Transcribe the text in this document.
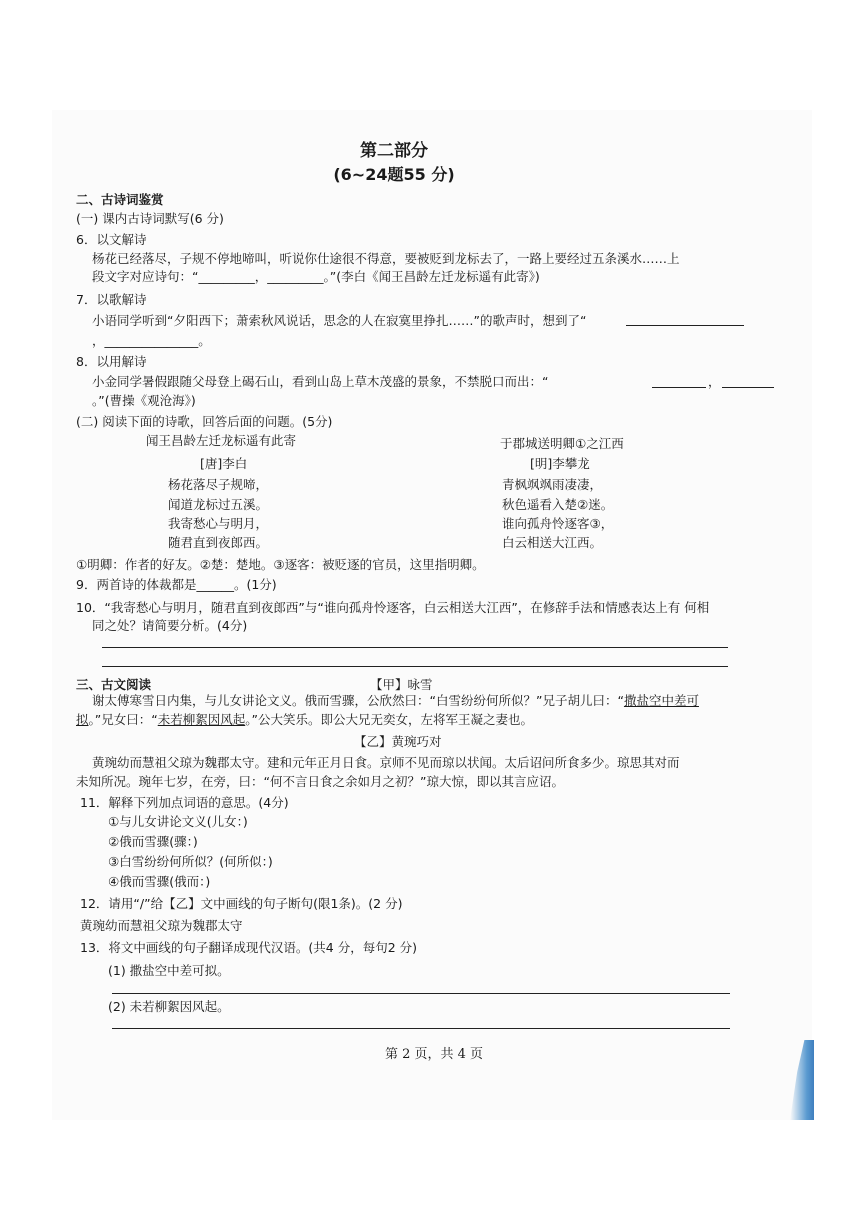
第二部分
(6~24题55 分)
二、古诗词鉴赏
(一) 课内古诗词默写(6 分)
6．以文解诗
杨花已经落尽，子规不停地啼叫，听说你仕途很不得意，要被贬到龙标去了，一路上要经过五条溪水……上
段文字对应诗句：“_________，_________。”(李白《闻王昌龄左迁龙标遥有此寄》)
7．以歌解诗
小语同学听到“夕阳西下；萧索秋风说话，思念的人在寂寞里挣扎……”的歌声时，想到了“
，_______________。
8．以用解诗
小金同学暑假跟随父母登上碣石山，看到山岛上草木茂盛的景象，不禁脱口而出：“	，
。”(曹操《观沧海》)
(二) 阅读下面的诗歌，回答后面的问题。(5分)
闻王昌龄左迁龙标遥有此寄
[唐]李白
杨花落尽子规啼，
闻道龙标过五溪。
我寄愁心与明月，
随君直到夜郎西。
于郡城送明卿①之江西
[明]李攀龙
青枫飒飒雨凄凄，
秋色遥看入楚②迷。
谁向孤舟怜逐客③，
白云相送大江西。
①明卿：作者的好友。②楚：楚地。③逐客：被贬逐的官员，这里指明卿。
9．两首诗的体裁都是______。(1分)
10．“我寄愁心与明月，随君直到夜郎西”与“谁向孤舟怜逐客，白云相送大江西”，在修辞手法和情感表达上有 何相
同之处？请简要分析。(4分)
三、古文阅读	【甲】咏雪
谢太傅寒雪日内集，与儿女讲论文义。俄而雪骤，公欣然曰：“白雪纷纷何所似？”兄子胡儿曰：“撒盐空中差可
拟。”兄女曰：“未若柳絮因风起。”公大笑乐。即公大兄无奕女，左将军王凝之妻也。
【乙】黄琬巧对
黄琬幼而慧祖父琼为魏郡太守。建和元年正月日食。京师不见而琼以状闻。太后诏问所食多少。琼思其对而
未知所况。琬年七岁，在旁，曰：“何不言日食之余如月之初？”琼大惊，即以其言应诏。
11．解释下列加点词语的意思。(4分)
①与儿女讲论文义(儿女：)
②俄而雪骤(骤：)
③白雪纷纷何所似？(何所似：)
④俄而雪骤(俄而：)
12．请用“/”给【乙】文中画线的句子断句(限1条)。(2 分)
黄琬幼而慧祖父琼为魏郡太守
13．将文中画线的句子翻译成现代汉语。(共4 分，每句2 分)
(1) 撒盐空中差可拟。
(2) 未若柳絮因风起。
第 2 页，共 4 页
